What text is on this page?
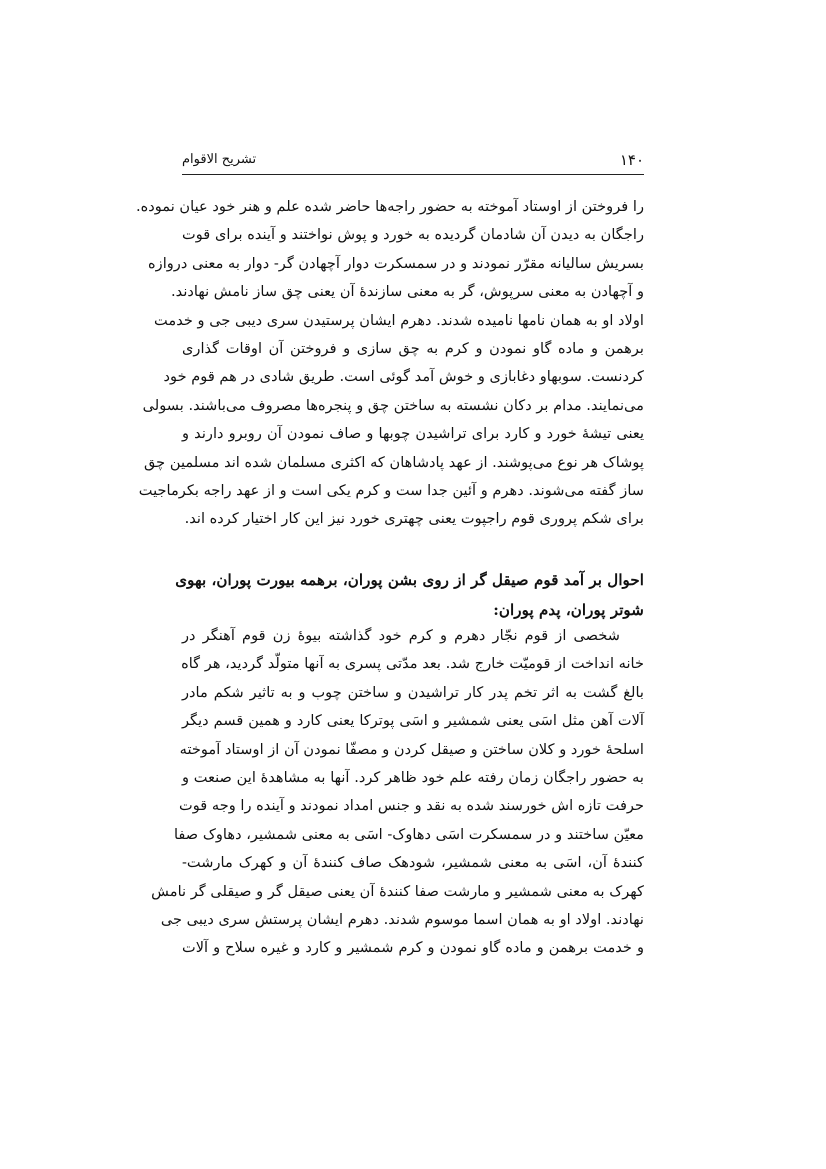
۱۴۰
تشریح الاقوام
را فروختن از اوستاد آموخته به حضور راجه‌ها حاضر شده علم و هنر خود عیان نموده.
راجگان به دیدن آن شادمان گردیده به خورد و پوش نواختند و آینده برای قوت
بسریش سالیانه مقرّر نمودند و در سمسکرت دوار آچهادن گر- دوار به معنی دروازه
و آچهادن به معنی سرپوش، گر به معنی سازندهٔ آن یعنی چق ساز نامش نهادند.
اولاد او به همان نامها نامیده شدند. دهرم ایشان پرستیدن سری دیبی جی و خدمت
برهمن و ماده گاو نمودن و کرم به چق سازی و فروختن آن اوقات گذاری
کردنست. سوبهاو دغابازی و خوش آمد گوئی است. طریق شادی در هم قوم خود
می‌نمایند. مدام بر دکان نشسته به ساختن چق و پنجره‌ها مصروف می‌باشند. بسولی
یعنی تیشهٔ خورد و کارد برای تراشیدن چوبها و صاف نمودن آن روبرو دارند و
پوشاک هر نوع می‌پوشند. از عهد پادشاهان که اکثری مسلمان شده اند مسلمین چق
ساز گفته می‌شوند. دهرم و آئین جدا ست و کرم یکی است و از عهد راجه بکرماجیت
برای شکم پروری قوم راجپوت یعنی چهتری خورد نیز این کار اختیار کرده اند.
احوال بر آمد قوم صیقل گر از روی بشن پوران، برهمه بیورت پوران، بهوی
شوتر پوران، پدم پوران:
شخصی از قوم نجّار دهرم و کرم خود گذاشته بیوهٔ زن قوم آهنگر در
خانه انداخت از قومیّت خارج شد. بعد مدّتی پسری به آنها متولّد گردید، هر گاه
بالغ گشت به اثر تخم پدر کار تراشیدن و ساختن چوب و به تاثیر شکم مادر
آلات آهن مثل اسَی یعنی شمشیر و اسَی پوترکا یعنی کارد و همین قسم دیگر
اسلحهٔ خورد و کلان ساختن و صیقل کردن و مصفّا نمودن آن از اوستاد آموخته
به حضور راجگان زمان رفته علم خود ظاهر کرد. آنها به مشاهدهٔ این صنعت و
حرفت تازه اش خورسند شده به نقد و جنس امداد نمودند و آینده را وجه قوت
معیّن ساختند و در سمسکرت اسَی دهاوک- اسَی به معنی شمشیر، دهاوک صفا
کنندهٔ آن، اسَی به معنی شمشیر، شودهک صاف کنندهٔ آن و کهرک مارشت-
کهرک به معنی شمشیر و مارشت صفا کنندهٔ آن یعنی صیقل گر و صیقلی گر نامش
نهادند. اولاد او به همان اسما موسوم شدند. دهرم ایشان پرستش سری دیبی جی
و خدمت برهمن و ماده گاو نمودن و کرم شمشیر و کارد و غیره سلاح و آلات
